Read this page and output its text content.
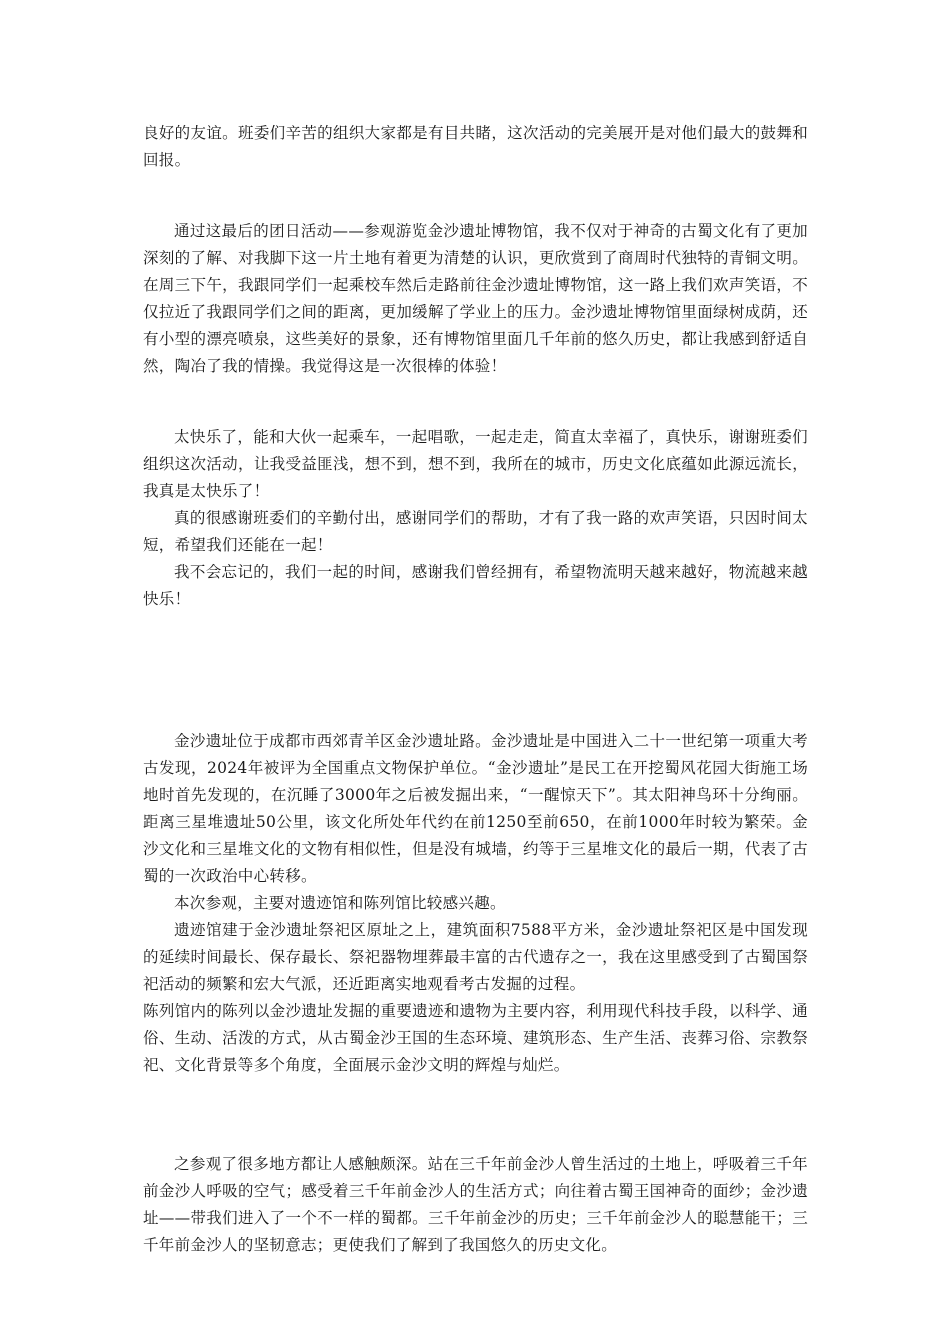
良好的友谊。班委们辛苦的组织大家都是有目共睹，这次活动的完美展开是对他们最大的鼓舞和回报。

通过这最后的团日活动——参观游览金沙遗址博物馆，我不仅对于神奇的古蜀文化有了更加深刻的了解、对我脚下这一片土地有着更为清楚的认识，更欣赏到了商周时代独特的青铜文明。在周三下午，我跟同学们一起乘校车然后走路前往金沙遗址博物馆，这一路上我们欢声笑语，不仅拉近了我跟同学们之间的距离，更加缓解了学业上的压力。金沙遗址博物馆里面绿树成荫，还有小型的漂亮喷泉，这些美好的景象，还有博物馆里面几千年前的悠久历史，都让我感到舒适自然，陶冶了我的情操。我觉得这是一次很棒的体验！

太快乐了，能和大伙一起乘车，一起唱歌，一起走走，简直太幸福了，真快乐，谢谢班委们组织这次活动，让我受益匪浅，想不到，想不到，我所在的城市，历史文化底蕴如此源远流长，我真是太快乐了！

真的很感谢班委们的辛勤付出，感谢同学们的帮助，才有了我一路的欢声笑语，只因时间太短，希望我们还能在一起！

我不会忘记的，我们一起的时间，感谢我们曾经拥有，希望物流明天越来越好，物流越来越快乐！

金沙遗址位于成都市西郊青羊区金沙遗址路。金沙遗址是中国进入二十一世纪第一项重大考古发现，2024年被评为全国重点文物保护单位。“金沙遗址”是民工在开挖蜀风花园大街施工场地时首先发现的，在沉睡了3000年之后被发掘出来，“一醒惊天下”。其太阳神鸟环十分绚丽。距离三星堆遗址50公里，该文化所处年代约在前1250至前650，在前1000年时较为繁荣。金沙文化和三星堆文化的文物有相似性，但是没有城墙，约等于三星堆文化的最后一期，代表了古蜀的一次政治中心转移。

本次参观，主要对遗迹馆和陈列馆比较感兴趣。

遗迹馆建于金沙遗址祭祀区原址之上，建筑面积7588平方米，金沙遗址祭祀区是中国发现的延续时间最长、保存最长、祭祀器物埋葬最丰富的古代遗存之一，我在这里感受到了古蜀国祭祀活动的频繁和宏大气派，还近距离实地观看考古发掘的过程。

陈列馆内的陈列以金沙遗址发掘的重要遗迹和遗物为主要内容，利用现代科技手段，以科学、通俗、生动、活泼的方式，从古蜀金沙王国的生态环境、建筑形态、生产生活、丧葬习俗、宗教祭祀、文化背景等多个角度，全面展示金沙文明的辉煌与灿烂。

之参观了很多地方都让人感触颇深。站在三千年前金沙人曾生活过的土地上，呼吸着三千年前金沙人呼吸的空气；感受着三千年前金沙人的生活方式；向往着古蜀王国神奇的面纱；金沙遗址——带我们进入了一个不一样的蜀都。三千年前金沙的历史；三千年前金沙人的聪慧能干；三千年前金沙人的坚韧意志；更使我们了解到了我国悠久的历史文化。
